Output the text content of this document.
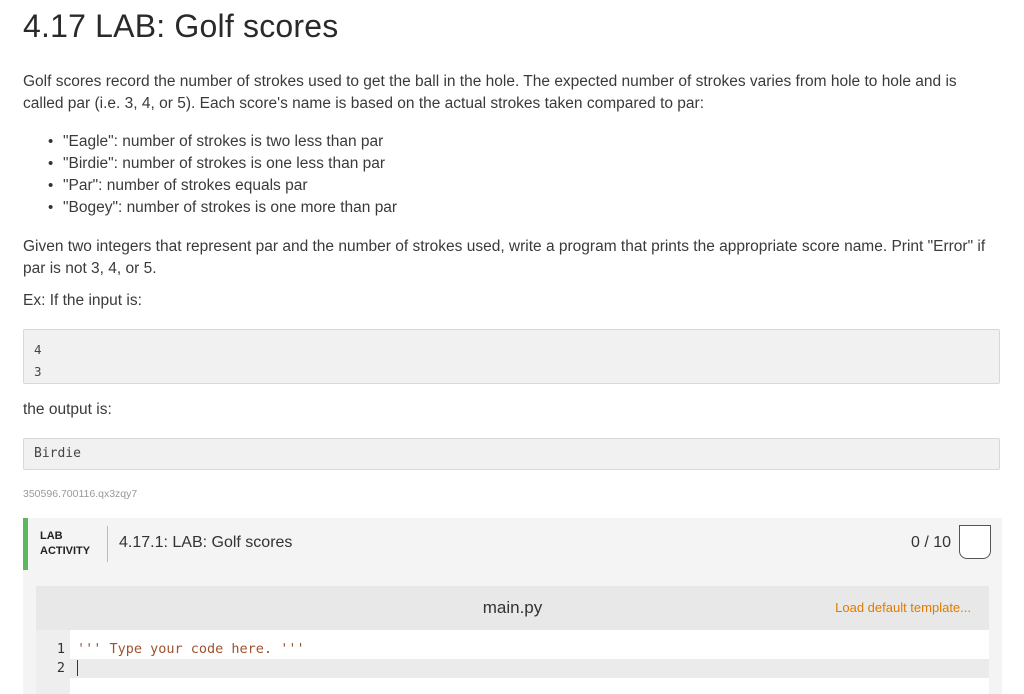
4.17 LAB: Golf scores

Golf scores record the number of strokes used to get the ball in the hole. The expected number of strokes varies from hole to hole and is called par (i.e. 3, 4, or 5). Each score's name is based on the actual strokes taken compared to par:

• "Eagle": number of strokes is two less than par
• "Birdie": number of strokes is one less than par
• "Par": number of strokes equals par
• "Bogey": number of strokes is one more than par

Given two integers that represent par and the number of strokes used, write a program that prints the appropriate score name. Print "Error" if par is not 3, 4, or 5.

Ex: If the input is:

4
3

the output is:

Birdie
350596.700116.qx3zqy7
LAB
ACTIVITY 4.17.1: LAB: Golf scores	0 / 10
main.py	Load default template...
1
2
''' Type your code here. '''
